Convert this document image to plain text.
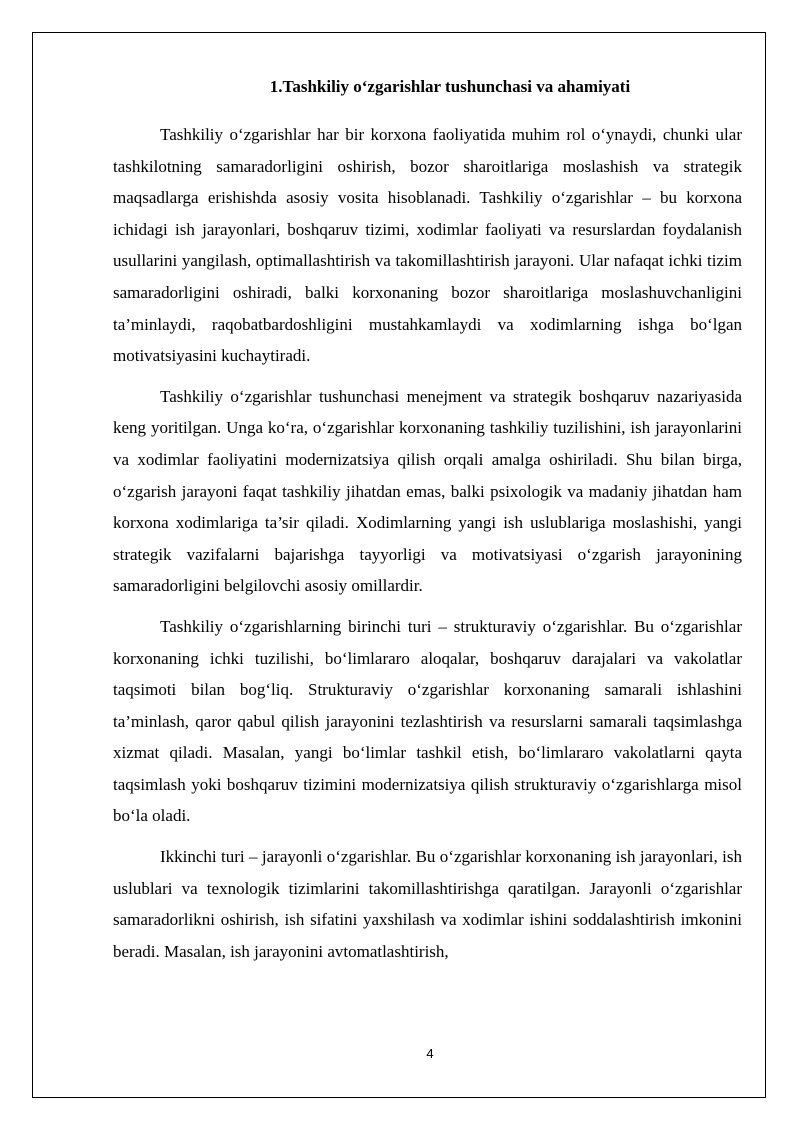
1.Tashkiliy o‘zgarishlar tushunchasi va ahamiyati

Tashkiliy o‘zgarishlar har bir korxona faoliyatida muhim rol o‘ynaydi, chunki ular tashkilotning samaradorligini oshirish, bozor sharoitlariga moslashish va strategik maqsadlarga erishishda asosiy vosita hisoblanadi. Tashkiliy o‘zgarishlar – bu korxona ichidagi ish jarayonlari, boshqaruv tizimi, xodimlar faoliyati va resurslardan foydalanish usullarini yangilash, optimallashtirish va takomillashtirish jarayoni. Ular nafaqat ichki tizim samaradorligini oshiradi, balki korxonaning bozor sharoitlariga moslashuvchanligini ta’minlaydi, raqobatbardoshligini mustahkamlaydi va xodimlarning ishga bo‘lgan motivatsiyasini kuchaytiradi.

Tashkiliy o‘zgarishlar tushunchasi menejment va strategik boshqaruv nazariyasida keng yoritilgan. Unga ko‘ra, o‘zgarishlar korxonaning tashkiliy tuzilishini, ish jarayonlarini va xodimlar faoliyatini modernizatsiya qilish orqali amalga oshiriladi. Shu bilan birga, o‘zgarish jarayoni faqat tashkiliy jihatdan emas, balki psixologik va madaniy jihatdan ham korxona xodimlariga ta’sir qiladi. Xodimlarning yangi ish uslublariga moslashishi, yangi strategik vazifalarni bajarishga tayyorligi va motivatsiyasi o‘zgarish jarayonining samaradorligini belgilovchi asosiy omillardir.

Tashkiliy o‘zgarishlarning birinchi turi – strukturaviy o‘zgarishlar. Bu o‘zgarishlar korxonaning ichki tuzilishi, bo‘limlararo aloqalar, boshqaruv darajalari va vakolatlar taqsimoti bilan bog‘liq. Strukturaviy o‘zgarishlar korxonaning samarali ishlashini ta’minlash, qaror qabul qilish jarayonini tezlashtirish va resurslarni samarali taqsimlashga xizmat qiladi. Masalan, yangi bo‘limlar tashkil etish, bo‘limlararo vakolatlarni qayta taqsimlash yoki boshqaruv tizimini modernizatsiya qilish strukturaviy o‘zgarishlarga misol bo‘la oladi.

Ikkinchi turi – jarayonli o‘zgarishlar. Bu o‘zgarishlar korxonaning ish jarayonlari, ish uslublari va texnologik tizimlarini takomillashtirishga qaratilgan. Jarayonli o‘zgarishlar samaradorlikni oshirish, ish sifatini yaxshilash va xodimlar ishini soddalashtirish imkonini beradi. Masalan, ish jarayonini avtomatlashtirish,

4
